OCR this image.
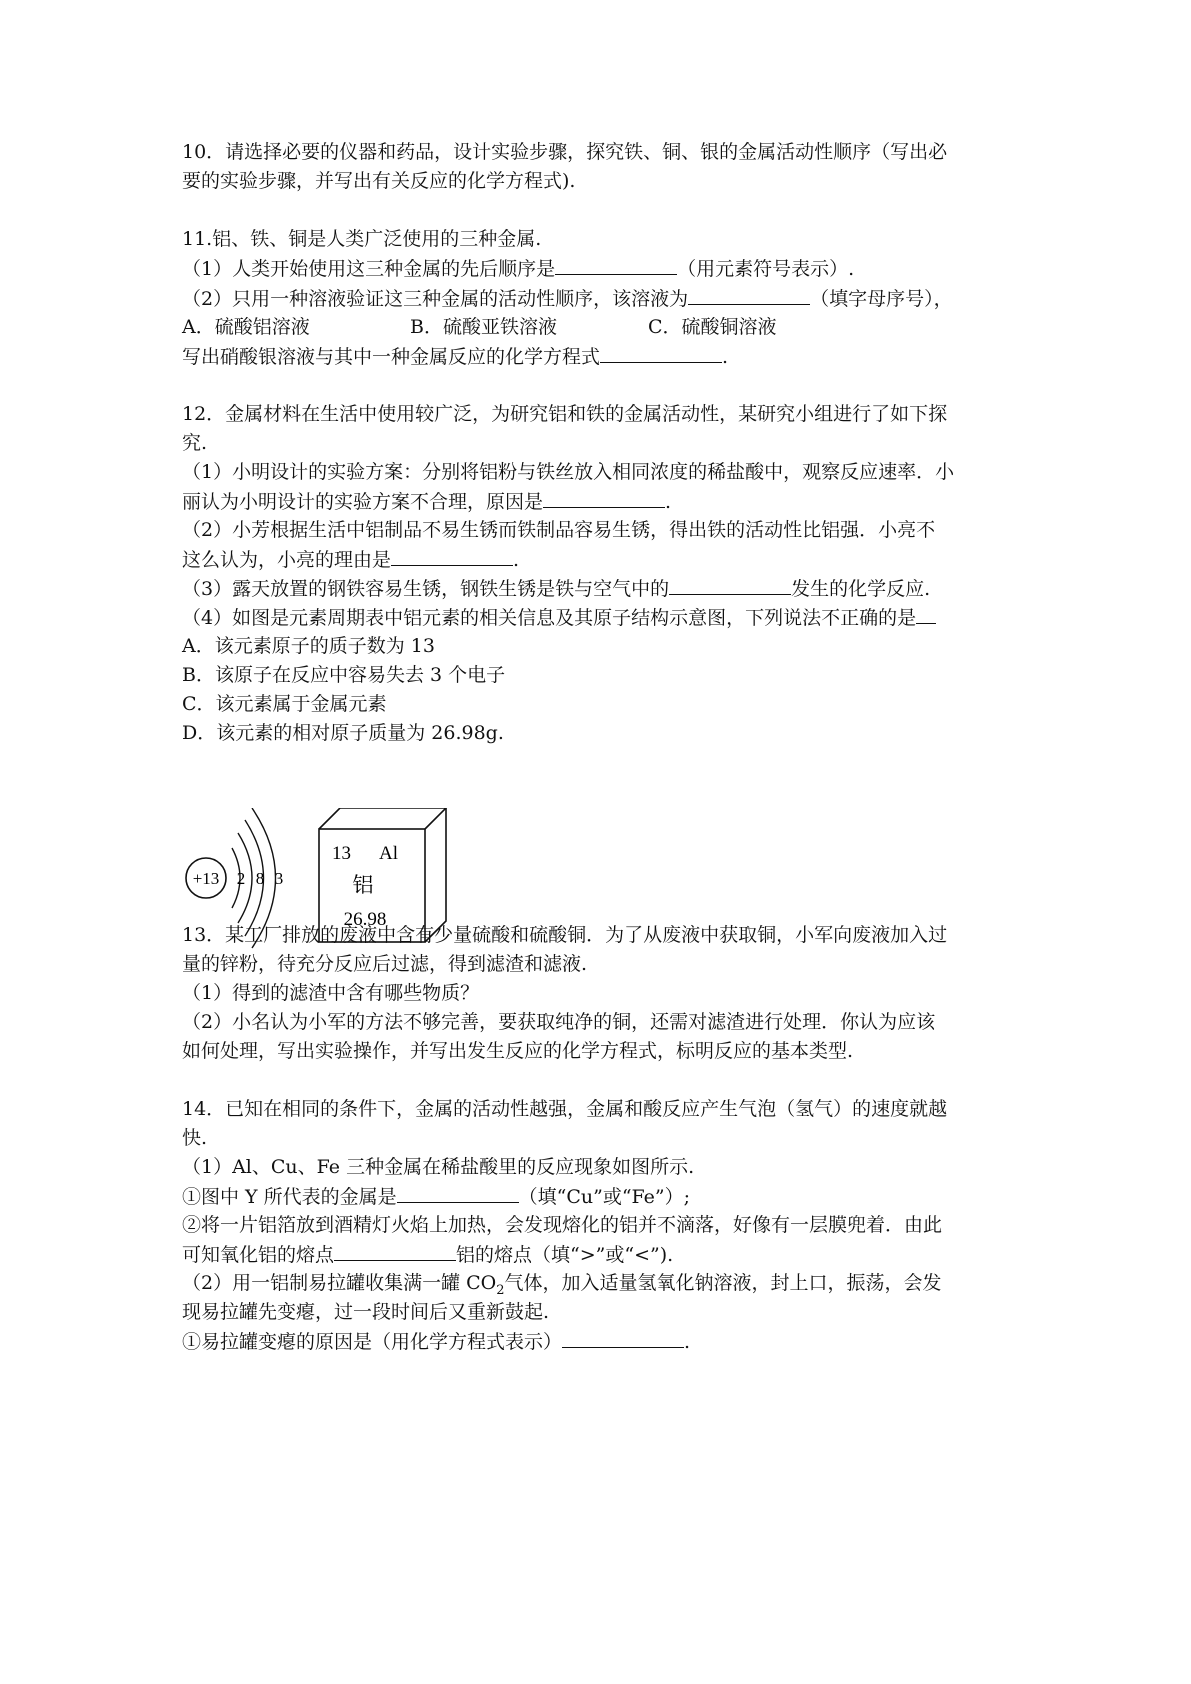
10．请选择必要的仪器和药品，设计实验步骤，探究铁、铜、银的金属活动性顺序（写出必
要的实验步骤，并写出有关反应的化学方程式).
11.铝、铁、铜是人类广泛使用的三种金属.
（1）人类开始使用这三种金属的先后顺序是	（用元素符号表示）.
（2）只用一种溶液验证这三种金属的活动性顺序，该溶液为	（填字母序号），
A．硫酸铝溶液	B．硫酸亚铁溶液	C．硫酸铜溶液
写出硝酸银溶液与其中一种金属反应的化学方程式	.
12．金属材料在生活中使用较广泛，为研究铝和铁的金属活动性，某研究小组进行了如下探
究.
（1）小明设计的实验方案：分别将铝粉与铁丝放入相同浓度的稀盐酸中，观察反应速率．小
丽认为小明设计的实验方案不合理，原因是	.
（2）小芳根据生活中铝制品不易生锈而铁制品容易生锈，得出铁的活动性比铝强．小亮不
这么认为，小亮的理由是	.
（3）露天放置的钢铁容易生锈，钢铁生锈是铁与空气中的	发生的化学反应.
（4）如图是元素周期表中铝元素的相关信息及其原子结构示意图，下列说法不正确的是
A．该元素原子的质子数为 13
B．该原子在反应中容易失去 3 个电子
C．该元素属于金属元素
D．该元素的相对原子质量为 26.98g.
13．某工厂排放的废液中含有少量硫酸和硫酸铜．为了从废液中获取铜，小军向废液加入过
量的锌粉，待充分反应后过滤，得到滤渣和滤液.
（1）得到的滤渣中含有哪些物质？
（2）小名认为小军的方法不够完善，要获取纯净的铜，还需对滤渣进行处理．你认为应该
如何处理，写出实验操作，并写出发生反应的化学方程式，标明反应的基本类型.
14．已知在相同的条件下，金属的活动性越强，金属和酸反应产生气泡（氢气）的速度就越
快.
（1）Al、Cu、Fe 三种金属在稀盐酸里的反应现象如图所示.
①图中 Y 所代表的金属是	（填“Cu”或“Fe”）;
②将一片铝箔放到酒精灯火焰上加热，会发现熔化的铝并不滴落，好像有一层膜兜着．由此
可知氧化铝的熔点	铝的熔点（填“>”或“<”).
（2）用一铝制易拉罐收集满一罐 $CO_2$气体，加入适量氢氧化钠溶液，封上口，振荡，会发
现易拉罐先变瘪，过一段时间后又重新鼓起.
①易拉罐变瘪的原因是（用化学方程式表示）	.
+13 2 8 3
13 Al
铝
26.98
